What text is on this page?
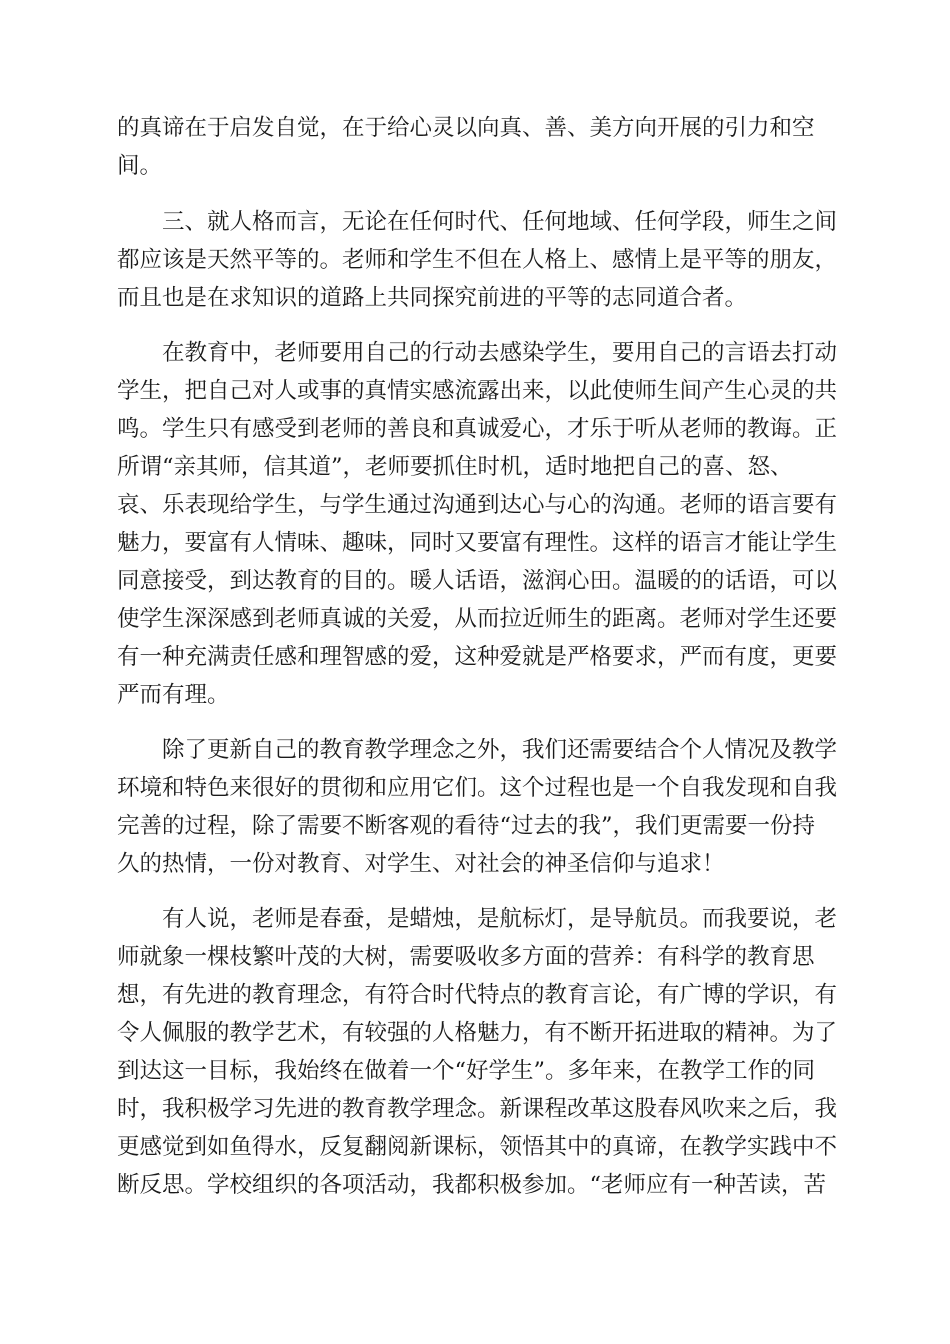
的真谛在于启发自觉，在于给心灵以向真、善、美方向开展的引力和空
间。
三、就人格而言，无论在任何时代、任何地域、任何学段，师生之间
都应该是天然平等的。老师和学生不但在人格上、感情上是平等的朋友，
而且也是在求知识的道路上共同探究前进的平等的志同道合者。
在教育中，老师要用自己的行动去感染学生，要用自己的言语去打动
学生，把自己对人或事的真情实感流露出来，以此使师生间产生心灵的共
鸣。学生只有感受到老师的善良和真诚爱心，才乐于听从老师的教诲。正
所谓“亲其师，信其道”，老师要抓住时机，适时地把自己的喜、怒、
哀、乐表现给学生，与学生通过沟通到达心与心的沟通。老师的语言要有
魅力，要富有人情味、趣味，同时又要富有理性。这样的语言才能让学生
同意接受，到达教育的目的。暖人话语，滋润心田。温暖的的话语，可以
使学生深深感到老师真诚的关爱，从而拉近师生的距离。老师对学生还要
有一种充满责任感和理智感的爱，这种爱就是严格要求，严而有度，更要
严而有理。
除了更新自己的教育教学理念之外，我们还需要结合个人情况及教学
环境和特色来很好的贯彻和应用它们。这个过程也是一个自我发现和自我
完善的过程，除了需要不断客观的看待“过去的我”，我们更需要一份持
久的热情，一份对教育、对学生、对社会的神圣信仰与追求！
有人说，老师是春蚕，是蜡烛，是航标灯，是导航员。而我要说，老
师就象一棵枝繁叶茂的大树，需要吸收多方面的营养：有科学的教育思
想，有先进的教育理念，有符合时代特点的教育言论，有广博的学识，有
令人佩服的教学艺术，有较强的人格魅力，有不断开拓进取的精神。为了
到达这一目标，我始终在做着一个“好学生”。多年来，在教学工作的同
时，我积极学习先进的教育教学理念。新课程改革这股春风吹来之后，我
更感觉到如鱼得水，反复翻阅新课标，领悟其中的真谛，在教学实践中不
断反思。学校组织的各项活动，我都积极参加。“老师应有一种苦读，苦
